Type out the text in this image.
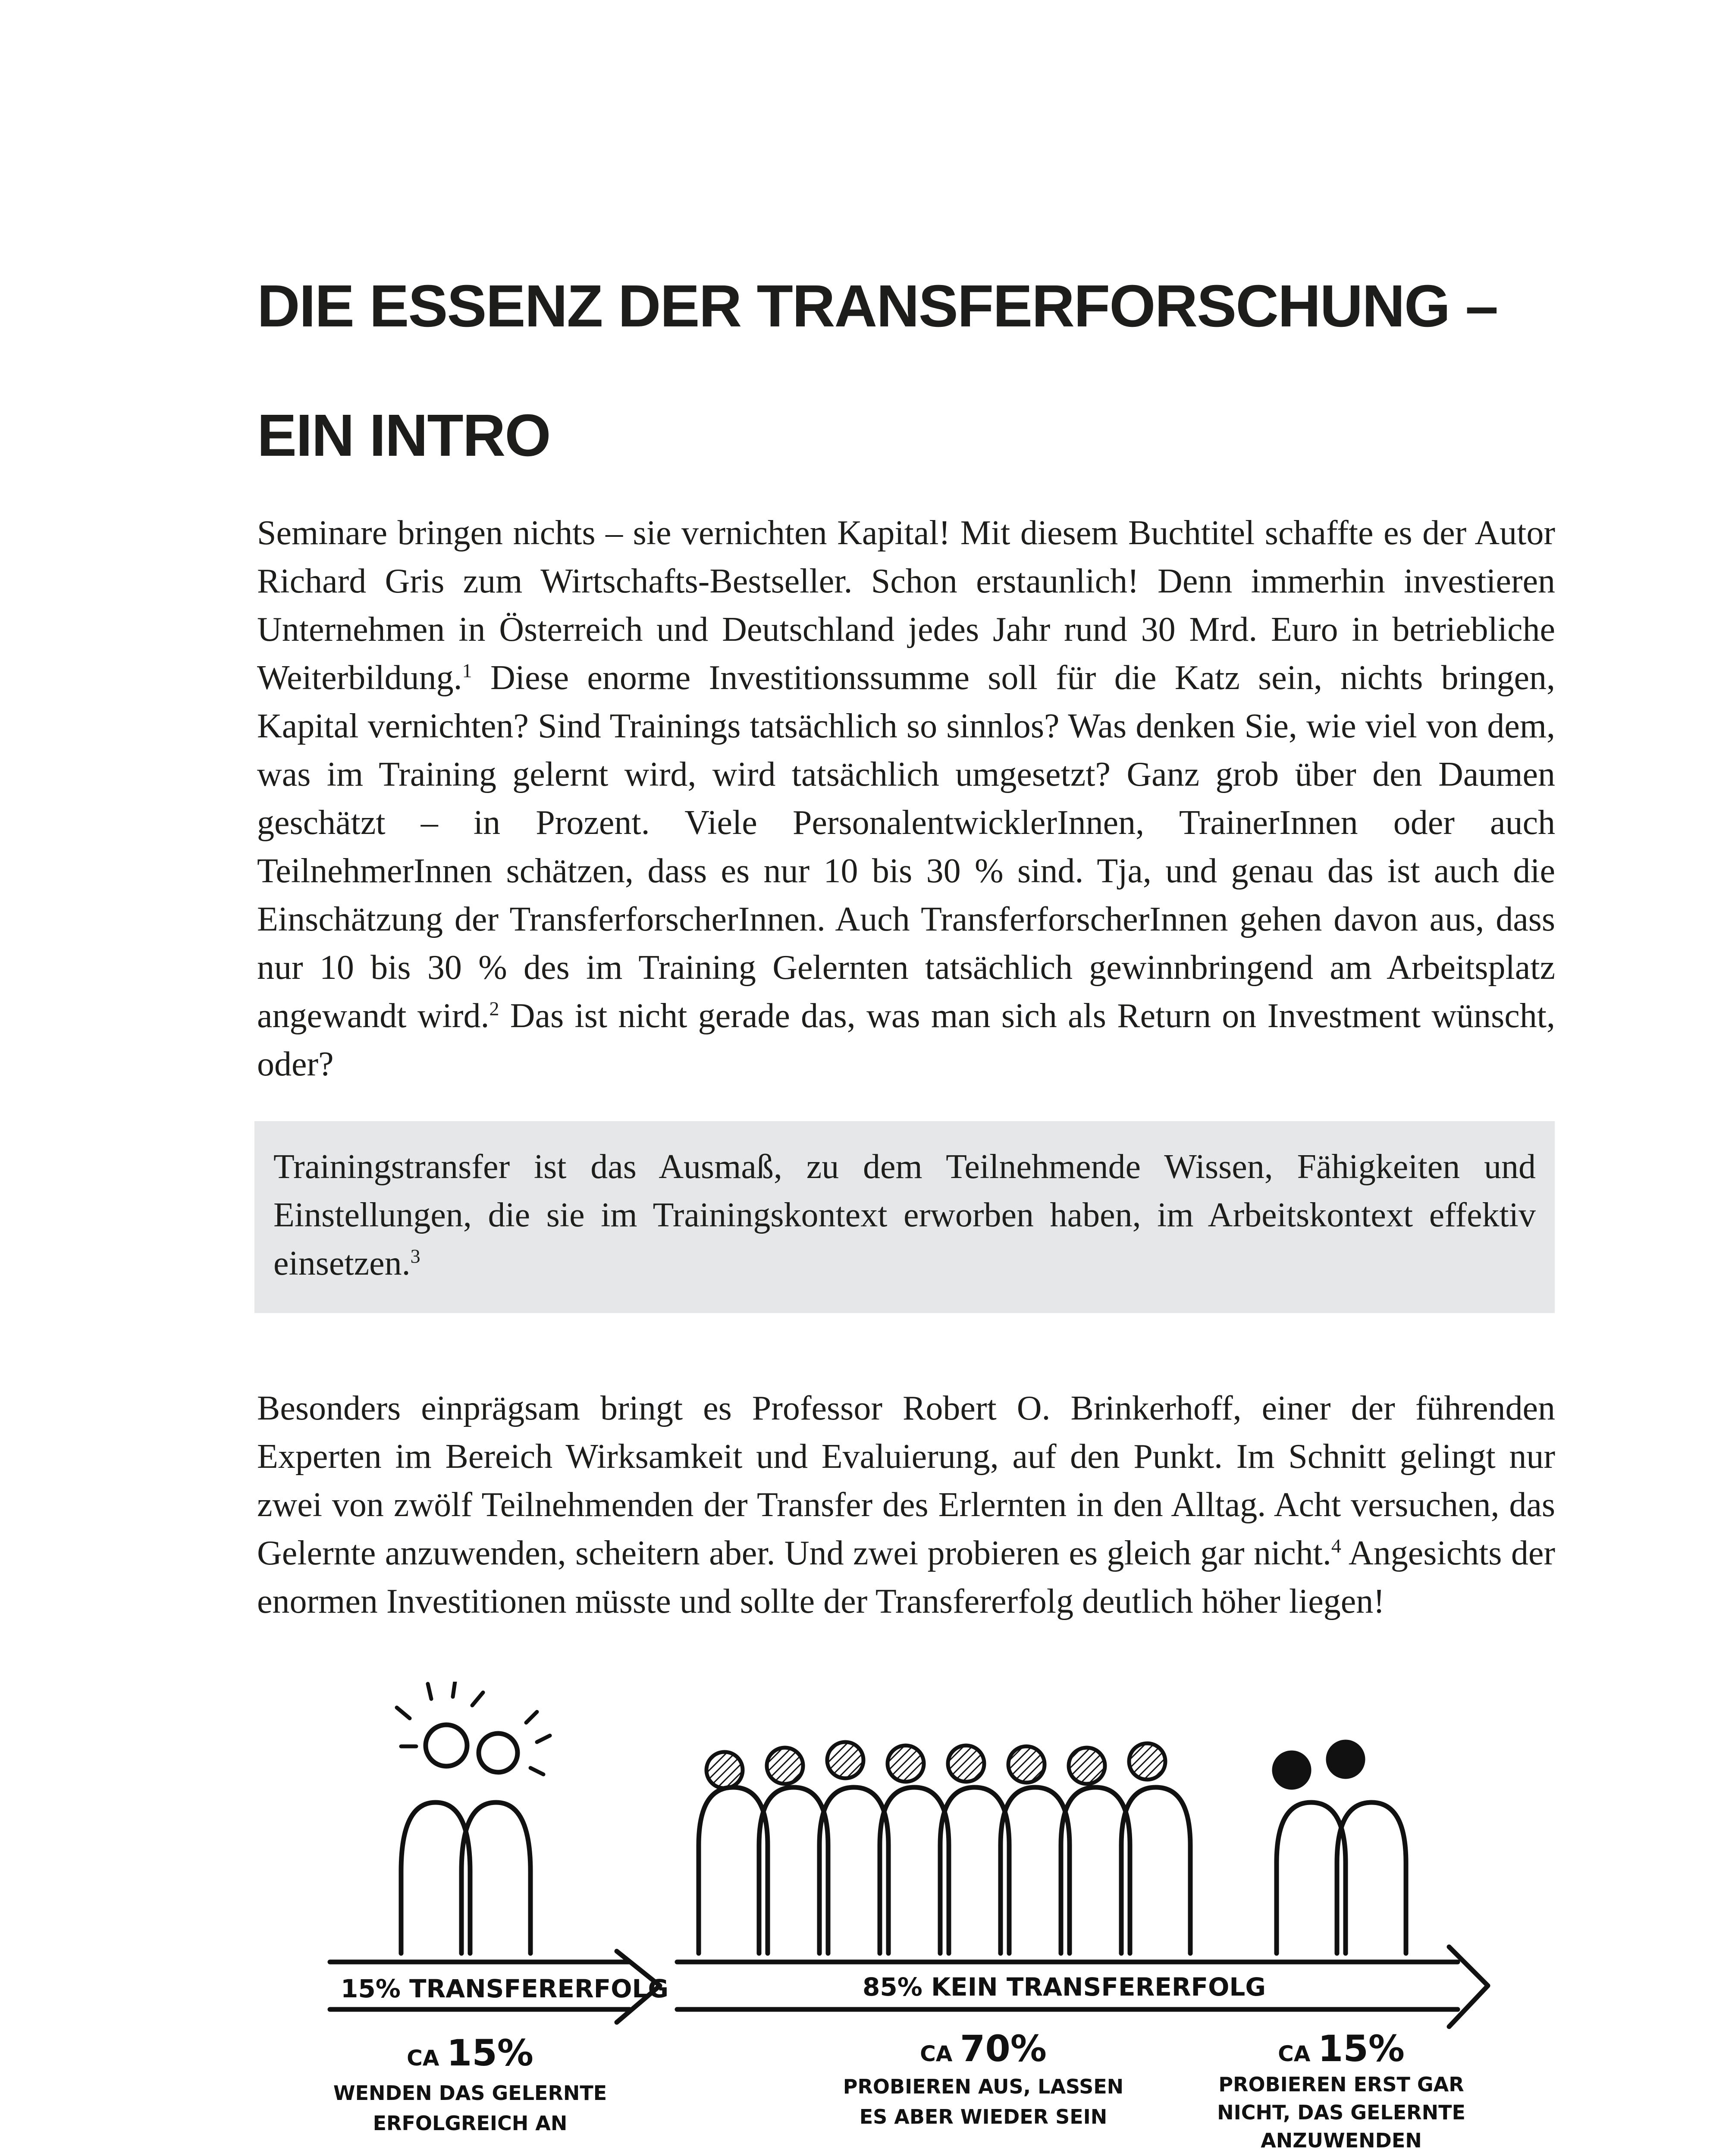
DIE ESSENZ DER TRANSFERFORSCHUNG –
EIN INTRO

Seminare bringen nichts – sie vernichten Kapital! Mit diesem Buchtitel schaffte es der Autor Richard Gris zum Wirtschafts-Bestseller. Schon erstaunlich! Denn immerhin investieren Unternehmen in Österreich und Deutschland jedes Jahr rund 30 Mrd. Euro in betriebliche Weiterbildung.$^1$ Diese enorme Investitionssumme soll für die Katz sein, nichts bringen, Kapital vernichten? Sind Trainings tatsächlich so sinnlos? Was denken Sie, wie viel von dem, was im Training gelernt wird, wird tatsächlich umgesetzt? Ganz grob über den Daumen geschätzt – in Prozent. Viele PersonalentwicklerInnen, TrainerInnen oder auch TeilnehmerInnen schätzen, dass es nur 10 bis 30 % sind. Tja, und genau das ist auch die Einschätzung der TransferforscherInnen. Auch TransferforscherInnen gehen davon aus, dass nur 10 bis 30 % des im Training Gelernten tatsächlich gewinnbringend am Arbeitsplatz angewandt wird.$^2$ Das ist nicht gerade das, was man sich als Return on Investment wünscht, oder?

Trainingstransfer ist das Ausmaß, zu dem Teilnehmende Wissen, Fähigkeiten und Einstellungen, die sie im Trainingskontext erworben haben, im Arbeitskontext effektiv einsetzen.$^3$

Besonders einprägsam bringt es Professor Robert O. Brinkerhoff, einer der führenden Experten im Bereich Wirksamkeit und Evaluierung, auf den Punkt. Im Schnitt gelingt nur zwei von zwölf Teilnehmenden der Transfer des Erlernten in den Alltag. Acht versuchen, das Gelernte anzuwenden, scheitern aber. Und zwei probieren es gleich gar nicht.$^4$ Angesichts der enormen Investitionen müsste und sollte der Transfererfolg deutlich höher liegen!

15% TRANSFERERFOLG	85% KEIN TRANSFERERFOLG
CA 15%
WENDEN DAS GELERNTE
ERFOLGREICH AN
CA 70%
PROBIEREN AUS, LASSEN
ES ABER WIEDER SEIN
CA 15%
PROBIEREN ERST GAR
NICHT, DAS GELERNTE
ANZUWENDEN
